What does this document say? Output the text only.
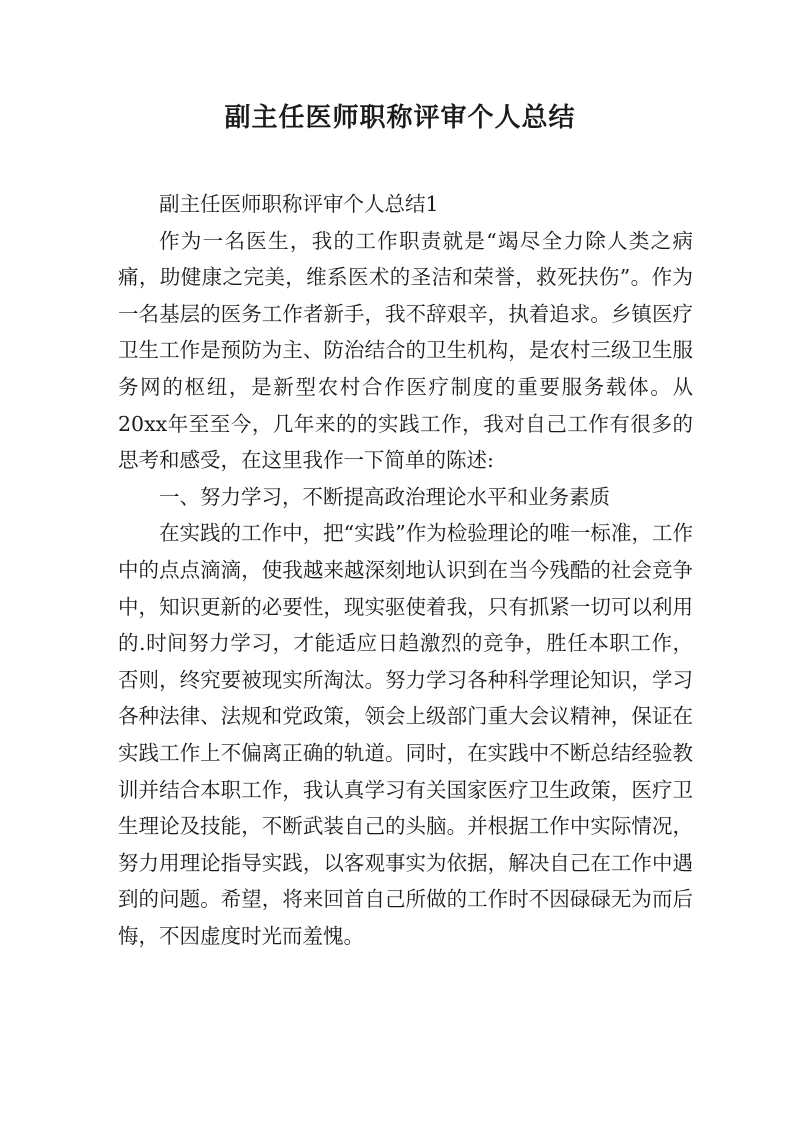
副主任医师职称评审个人总结

副主任医师职称评审个人总结1

作为一名医生，我的工作职责就是“竭尽全力除人类之病痛，助健康之完美，维系医术的圣洁和荣誉，救死扶伤”。作为一名基层的医务工作者新手，我不辞艰辛，执着追求。乡镇医疗卫生工作是预防为主、防治结合的卫生机构，是农村三级卫生服务网的枢纽，是新型农村合作医疗制度的重要服务载体。从20xx年至至今，几年来的的实践工作，我对自己工作有很多的思考和感受，在这里我作一下简单的陈述:

一、努力学习，不断提高政治理论水平和业务素质

在实践的工作中，把“实践”作为检验理论的唯一标准，工作中的点点滴滴，使我越来越深刻地认识到在当今残酷的社会竞争中，知识更新的必要性，现实驱使着我，只有抓紧一切可以利用的.时间努力学习，才能适应日趋激烈的竞争，胜任本职工作，否则，终究要被现实所淘汰。努力学习各种科学理论知识，学习各种法律、法规和党政策，领会上级部门重大会议精神，保证在实践工作上不偏离正确的轨道。同时，在实践中不断总结经验教训并结合本职工作，我认真学习有关国家医疗卫生政策，医疗卫生理论及技能，不断武装自己的头脑。并根据工作中实际情况，努力用理论指导实践，以客观事实为依据，解决自己在工作中遇到的问题。希望，将来回首自己所做的工作时不因碌碌无为而后悔，不因虚度时光而羞愧。
